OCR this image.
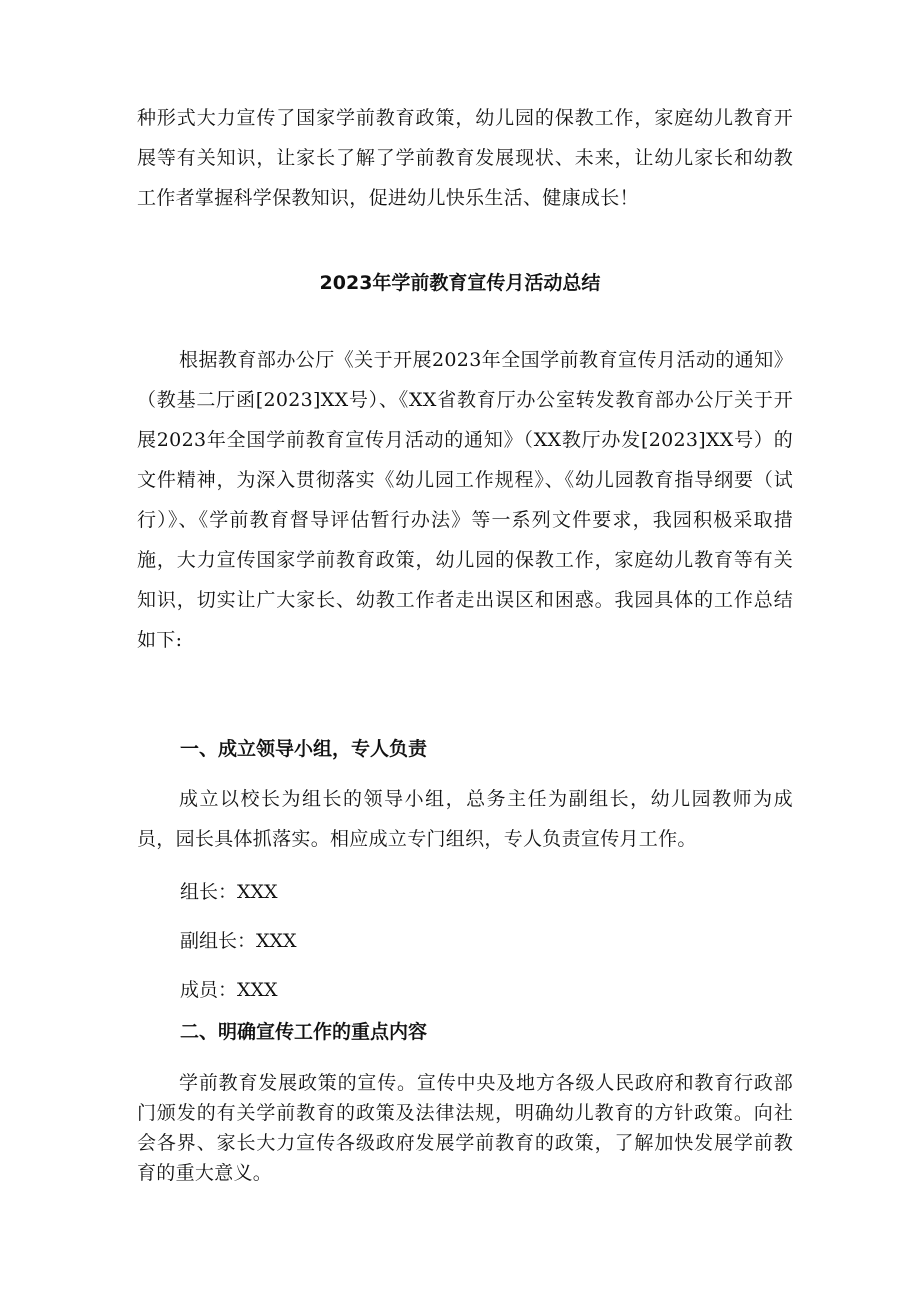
种形式大力宣传了国家学前教育政策，幼儿园的保教工作，家庭幼儿教育开展等有关知识，让家长了解了学前教育发展现状、未来，让幼儿家长和幼教工作者掌握科学保教知识，促进幼儿快乐生活、健康成长！

2023年学前教育宣传月活动总结

根据教育部办公厅《关于开展2023年全国学前教育宣传月活动的通知》（教基二厅函[2023]XX号）、《XX省教育厅办公室转发教育部办公厅关于开展2023年全国学前教育宣传月活动的通知》（XX教厅办发[2023]XX号）的文件精神，为深入贯彻落实《幼儿园工作规程》、《幼儿园教育指导纲要（试行）》、《学前教育督导评估暂行办法》等一系列文件要求，我园积极采取措施，大力宣传国家学前教育政策，幼儿园的保教工作，家庭幼儿教育等有关知识，切实让广大家长、幼教工作者走出误区和困惑。我园具体的工作总结如下:

一、成立领导小组，专人负责

成立以校长为组长的领导小组，总务主任为副组长，幼儿园教师为成员，园长具体抓落实。相应成立专门组织，专人负责宣传月工作。

组长：XXX
副组长：XXX
成员：XXX
二、明确宣传工作的重点内容

学前教育发展政策的宣传。宣传中央及地方各级人民政府和教育行政部门颁发的有关学前教育的政策及法律法规，明确幼儿教育的方针政策。向社会各界、家长大力宣传各级政府发展学前教育的政策，了解加快发展学前教育的重大意义。
